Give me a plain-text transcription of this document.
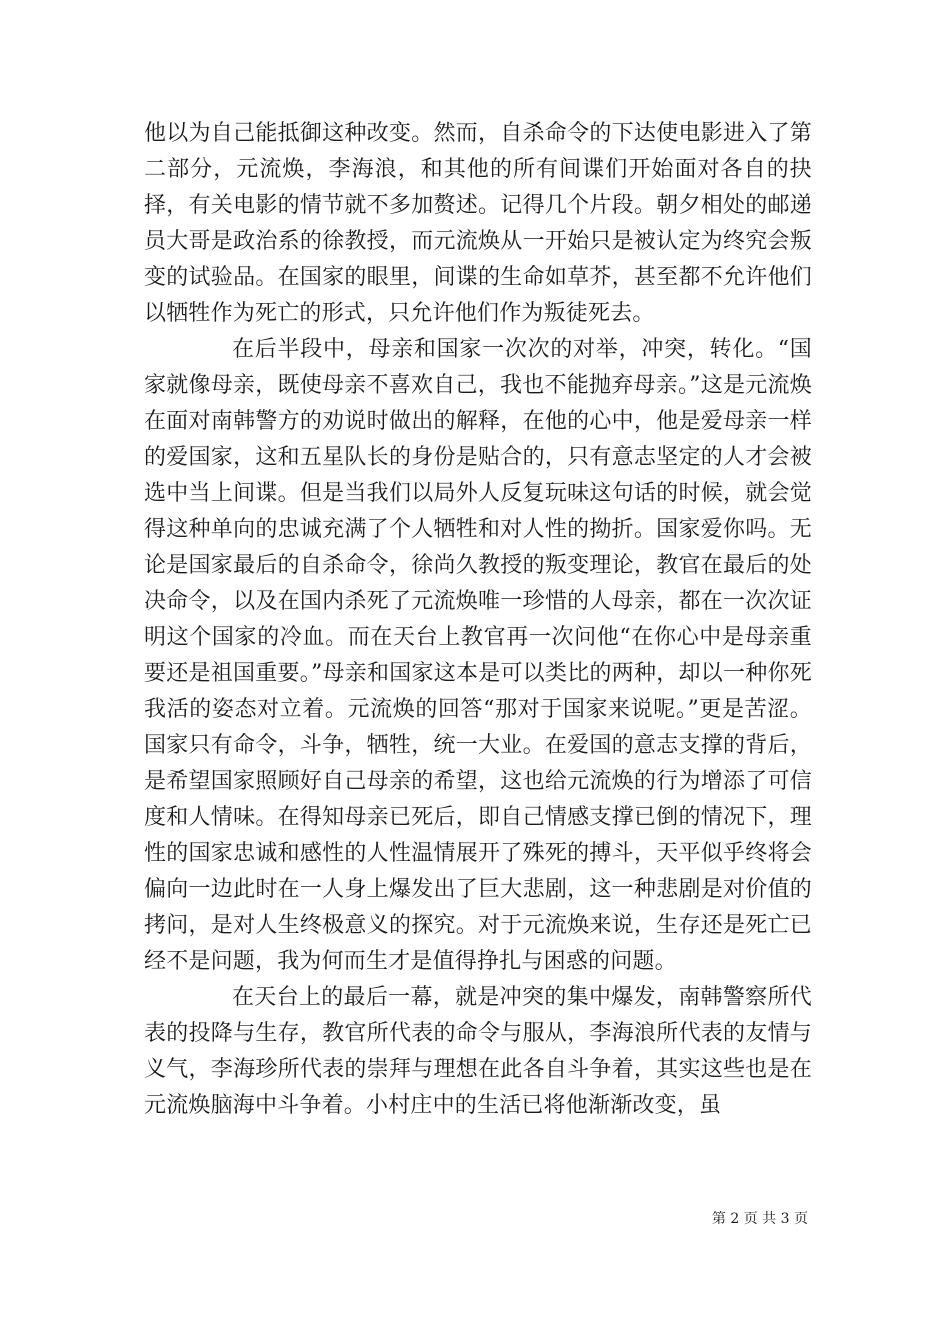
他以为自己能抵御这种改变。然而，自杀命令的下达使电影进入了第二部分，元流焕，李海浪，和其他的所有间谍们开始面对各自的抉择，有关电影的情节就不多加赘述。记得几个片段。朝夕相处的邮递员大哥是政治系的徐教授，而元流焕从一开始只是被认定为终究会叛变的试验品。在国家的眼里，间谍的生命如草芥，甚至都不允许他们以牺牲作为死亡的形式，只允许他们作为叛徒死去。

在后半段中，母亲和国家一次次的对举，冲突，转化。“国家就像母亲，既使母亲不喜欢自己，我也不能抛弃母亲。”这是元流焕在面对南韩警方的劝说时做出的解释，在他的心中，他是爱母亲一样的爱国家，这和五星队长的身份是贴合的，只有意志坚定的人才会被选中当上间谍。但是当我们以局外人反复玩味这句话的时候，就会觉得这种单向的忠诚充满了个人牺牲和对人性的拗折。国家爱你吗。无论是国家最后的自杀命令，徐尚久教授的叛变理论，教官在最后的处决命令，以及在国内杀死了元流焕唯一珍惜的人母亲，都在一次次证明这个国家的冷血。而在天台上教官再一次问他“在你心中是母亲重要还是祖国重要。”母亲和国家这本是可以类比的两种，却以一种你死我活的姿态对立着。元流焕的回答“那对于国家来说呢。”更是苦涩。国家只有命令，斗争，牺牲，统一大业。在爱国的意志支撑的背后，是希望国家照顾好自己母亲的希望，这也给元流焕的行为增添了可信度和人情味。在得知母亲已死后，即自己情感支撑已倒的情况下，理性的国家忠诚和感性的人性温情展开了殊死的搏斗，天平似乎终将会偏向一边此时在一人身上爆发出了巨大悲剧，这一种悲剧是对价值的拷问，是对人生终极意义的探究。对于元流焕来说，生存还是死亡已经不是问题，我为何而生才是值得挣扎与困惑的问题。

在天台上的最后一幕，就是冲突的集中爆发，南韩警察所代表的投降与生存，教官所代表的命令与服从，李海浪所代表的友情与义气，李海珍所代表的崇拜与理想在此各自斗争着，其实这些也是在元流焕脑海中斗争着。小村庄中的生活已将他渐渐改变，虽

第 2 页 共 3 页
